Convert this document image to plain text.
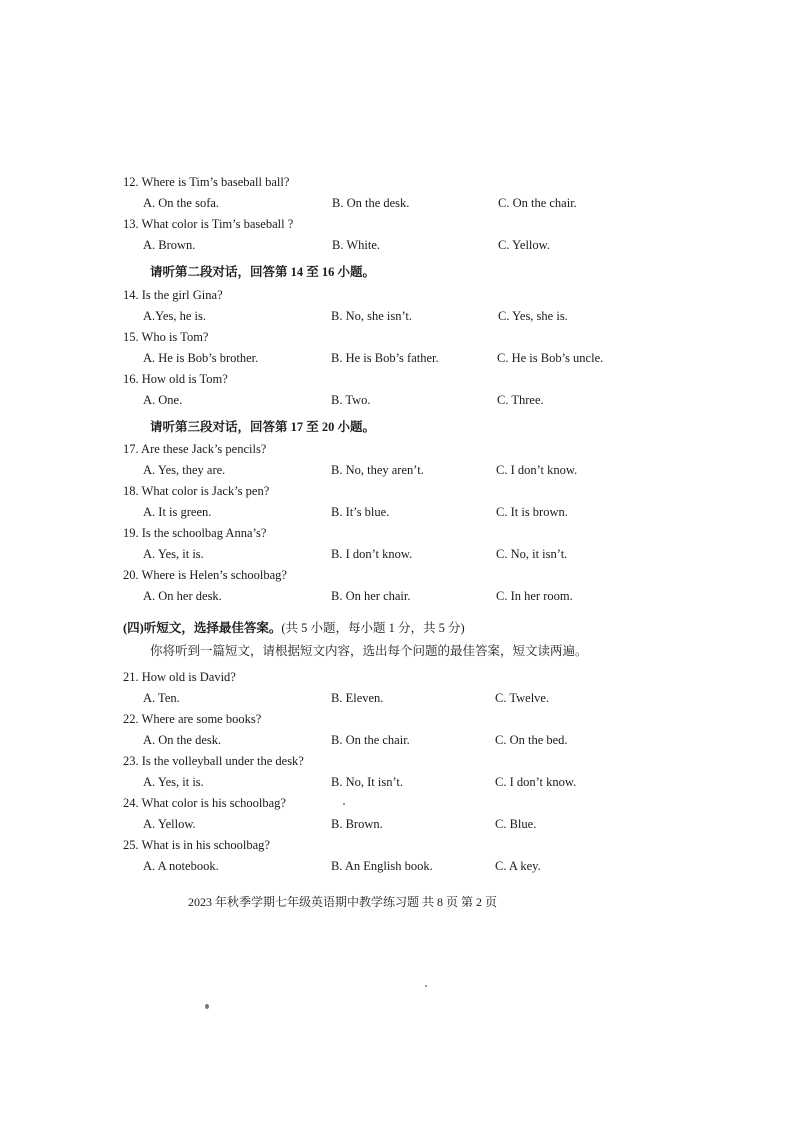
12. Where is Tim’s baseball ball?
A. On the sofa.	B. On the desk.	C. On the chair.
13. What color is Tim’s baseball ?
A. Brown.	B. White.	C. Yellow.
请听第二段对话，回答第 14 至 16 小题。
14. Is the girl Gina?
A.Yes, he is.	B. No, she isn’t.	C. Yes, she is.
15. Who is Tom?
A. He is Bob’s brother.	B. He is Bob’s father.	C. He is Bob’s uncle.
16. How old is Tom?
A. One.	B. Two.	C. Three.
请听第三段对话，回答第 17 至 20 小题。
17. Are these Jack’s pencils?
A. Yes, they are.	B. No, they aren’t.	C. I don’t know.
18. What color is Jack’s pen?
A. It is green.	B. It’s blue.	C. It is brown.
19. Is the schoolbag Anna’s?
A. Yes, it is.	B. I don’t know.	C. No, it isn’t.
20. Where is Helen’s schoolbag?
A. On her desk.	B. On her chair.	C. In her room.
(四)听短文，选择最佳答案。(共 5 小题，每小题 1 分，共 5 分)
你将听到一篇短文，请根据短文内容，选出每个问题的最佳答案，短文读两遍。
21. How old is David?
A. Ten.	B. Eleven.	C. Twelve.
22. Where are some books?
A. On the desk.	B. On the chair.	C. On the bed.
23. Is the volleyball under the desk?
A. Yes, it is.	B. No, It isn’t.	C. I don’t know.
24. What color is his schoolbag?
A. Yellow.	B. Brown.	C. Blue.
25. What is in his schoolbag?
A. A notebook.	B. An English book.	C. A key.
2023 年秋季学期七年级英语期中教学练习题 共 8 页 第 2 页
